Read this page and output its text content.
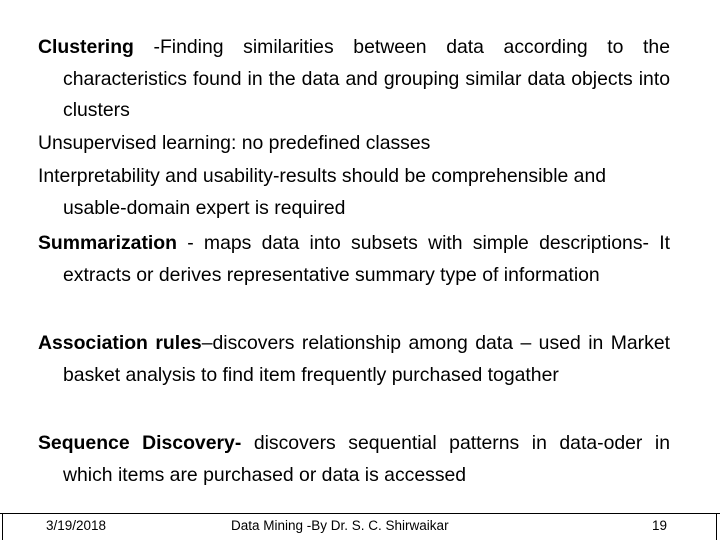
Clustering -Finding similarities between data according to the characteristics found in the data and grouping similar data objects into clusters
Unsupervised learning: no predefined classes
Interpretability and usability-results should be comprehensible and usable-domain expert is required
Summarization - maps data into subsets with simple descriptions- It extracts or derives representative summary type of information
Association rules–discovers relationship among data – used in Market basket analysis to find item frequently purchased togather
Sequence Discovery- discovers sequential patterns in data-oder in which items are purchased or data is accessed
3/19/2018	Data Mining -By Dr. S. C. Shirwaikar	19
